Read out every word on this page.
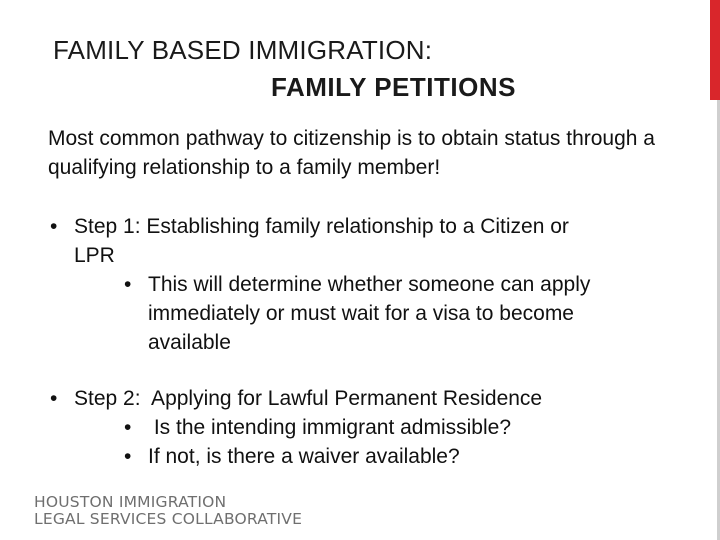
FAMILY BASED IMMIGRATION:
FAMILY PETITIONS
Most common pathway to citizenship is to obtain status through a qualifying relationship to a family member!
• Step 1: Establishing family relationship to a Citizen or
LPR
• This will determine whether someone can apply
immediately or must wait for a visa to become
available
• Step 2:  Applying for Lawful Permanent Residence
• Is the intending immigrant admissible?
• If not, is there a waiver available?
HOUSTON IMMIGRATION
LEGAL SERVICES COLLABORATIVE
